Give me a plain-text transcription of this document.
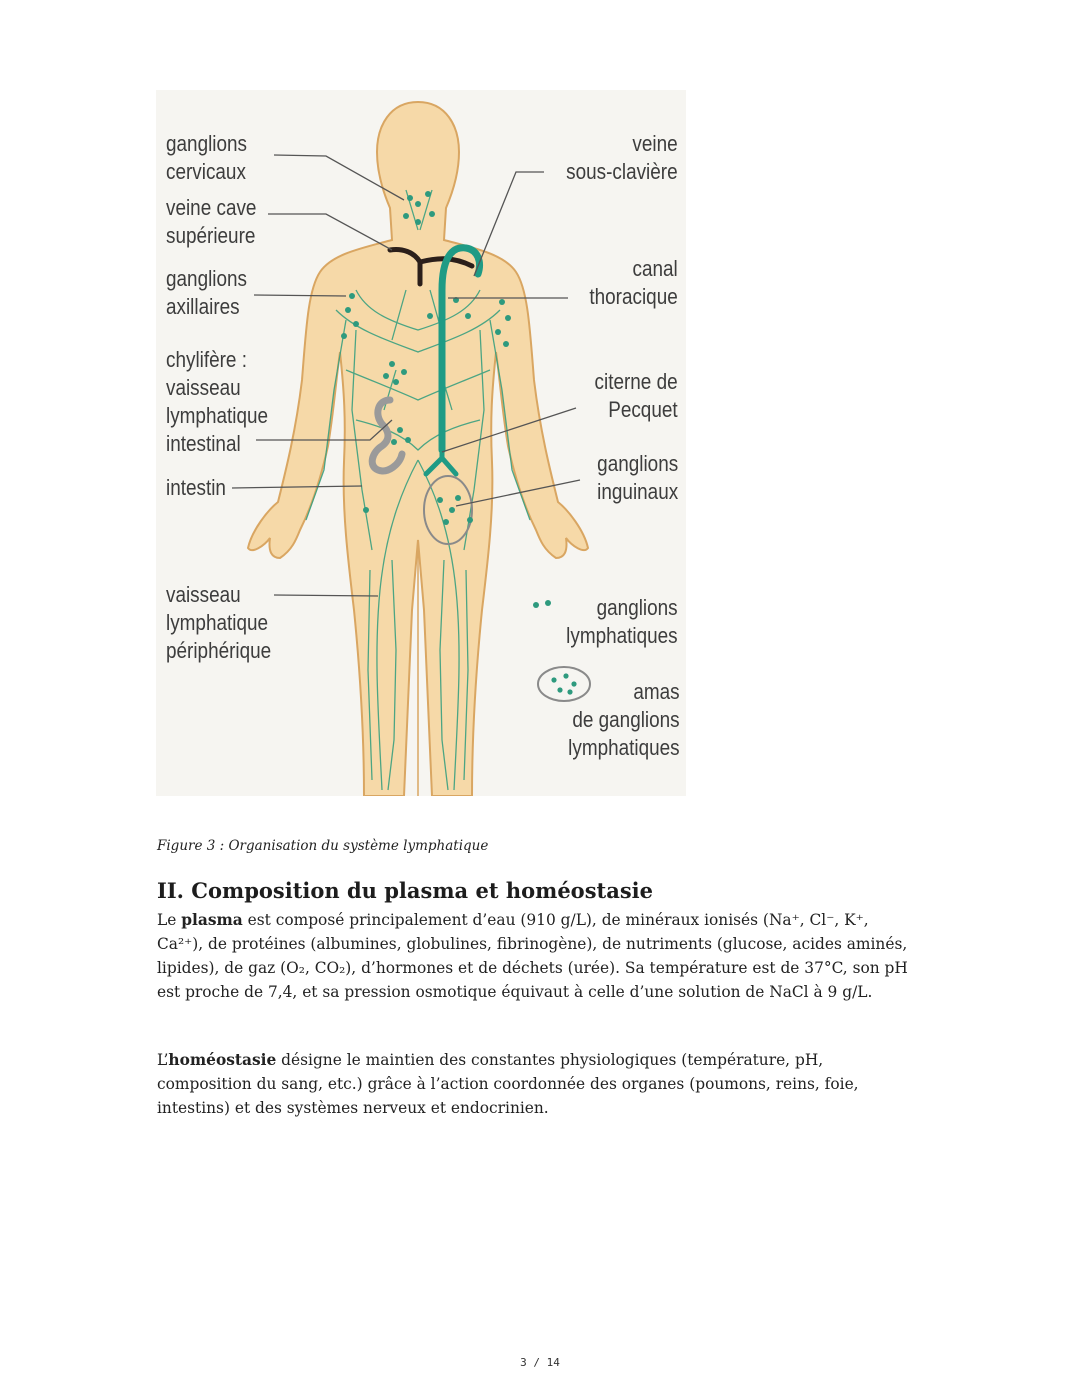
ganglions
cervicaux
veine cave
supérieure
ganglions
axillaires
chylifère :
vaisseau
lymphatique
intestinal
intestin
vaisseau
lymphatique
périphérique
veine
sous-clavière
canal
thoracique
citerne de
Pecquet
ganglions
inguinaux
ganglions
lymphatiques
amas
de ganglions
lymphatiques
Figure 3 : Organisation du système lymphatique
II. Composition du plasma et homéostasie

Le plasma est composé principalement d’eau (910 g/L), de minéraux ionisés (Na⁺, Cl⁻, K⁺, Ca²⁺), de protéines (albumines, globulines, fibrinogène), de nutriments (glucose, acides aminés, lipides), de gaz (O₂, CO₂), d’hormones et de déchets (urée). Sa température est de 37°C, son pH est proche de 7,4, et sa pression osmotique équivaut à celle d’une solution de NaCl à 9 g/L.

L’homéostasie désigne le maintien des constantes physiologiques (température, pH, composition du sang, etc.) grâce à l’action coordonnée des organes (poumons, reins, foie, intestins) et des systèmes nerveux et endocrinien.

3 / 14
